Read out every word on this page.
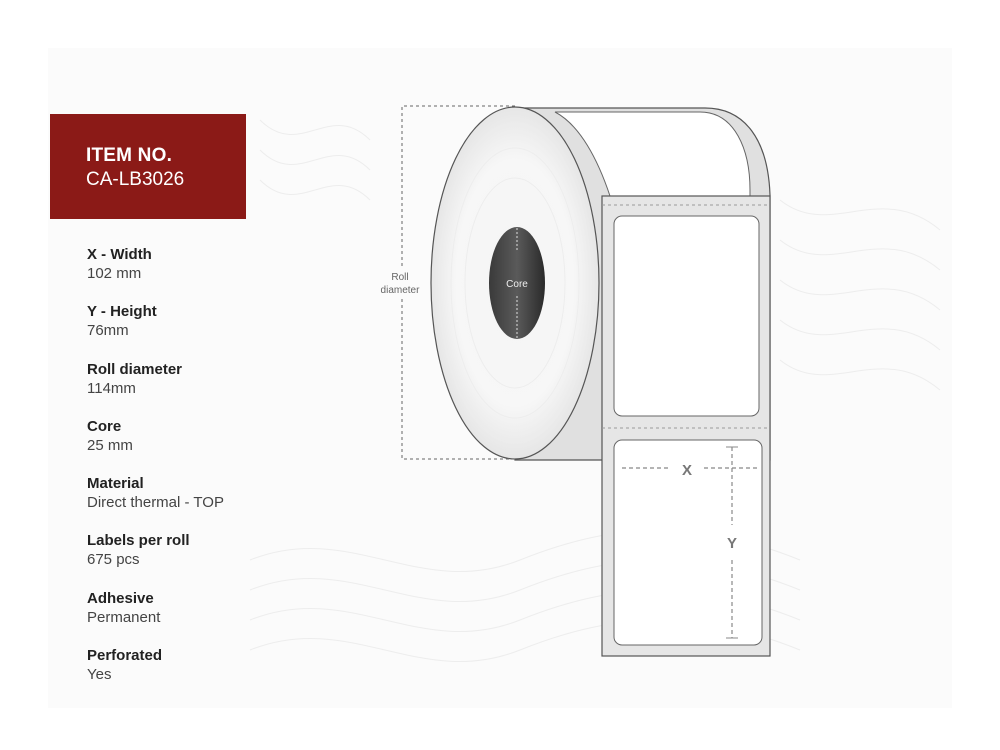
ITEM NO.
CA-LB3026
X - Width
102 mm
Y - Height
76mm
Roll diameter
114mm
Core
25 mm
Material
Direct thermal - TOP
Labels per roll
675 pcs
Adhesive
Permanent
Perforated
Yes
Core
Roll
diameter
X
Y
